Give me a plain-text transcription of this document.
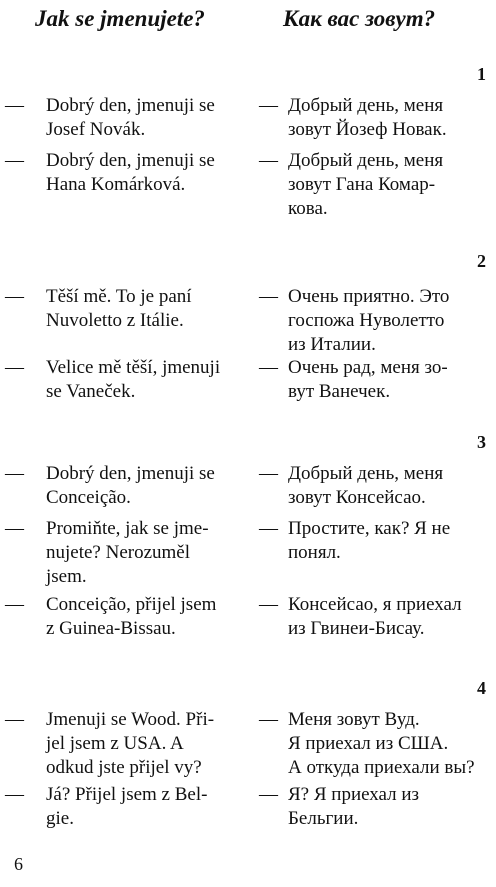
Jak se jmenujete?	Как вас зовут?
6
1
— Dobrý den, jmenuji se
Josef Novák.
— Добрый день, меня
зовут Йозеф Новак.
— Dobrý den, jmenuji se
Hana Komárková.
— Добрый день, меня
зовут Гана Комар-
кова.
2
— Těší mě. To je paní
Nuvoletto z Itálie.
— Очень приятно. Это
госпожа Нуволетто
из Италии.
— Velice mě těší, jmenuji
se Vaneček.
— Очень рад, меня зо-
вут Ванечек.
3
— Dobrý den, jmenuji se
Conceição.
— Добрый день, меня
зовут Консейсао.
— Promiňte, jak se jme-
nujete? Nerozuměl
jsem.
— Простите, как? Я не
понял.
— Conceição, přijel jsem
z Guinea-Bissau.
— Консейсао, я приехал
из Гвинеи-Бисау.
4
— Jmenuji se Wood. Při-
jel jsem z USA. A
odkud jste přijel vy?
— Меня зовут Вуд.
Я приехал из США.
А откуда приехали вы?
— Já? Přijel jsem z Bel-
gie.
— Я? Я приехал из
Бельгии.
